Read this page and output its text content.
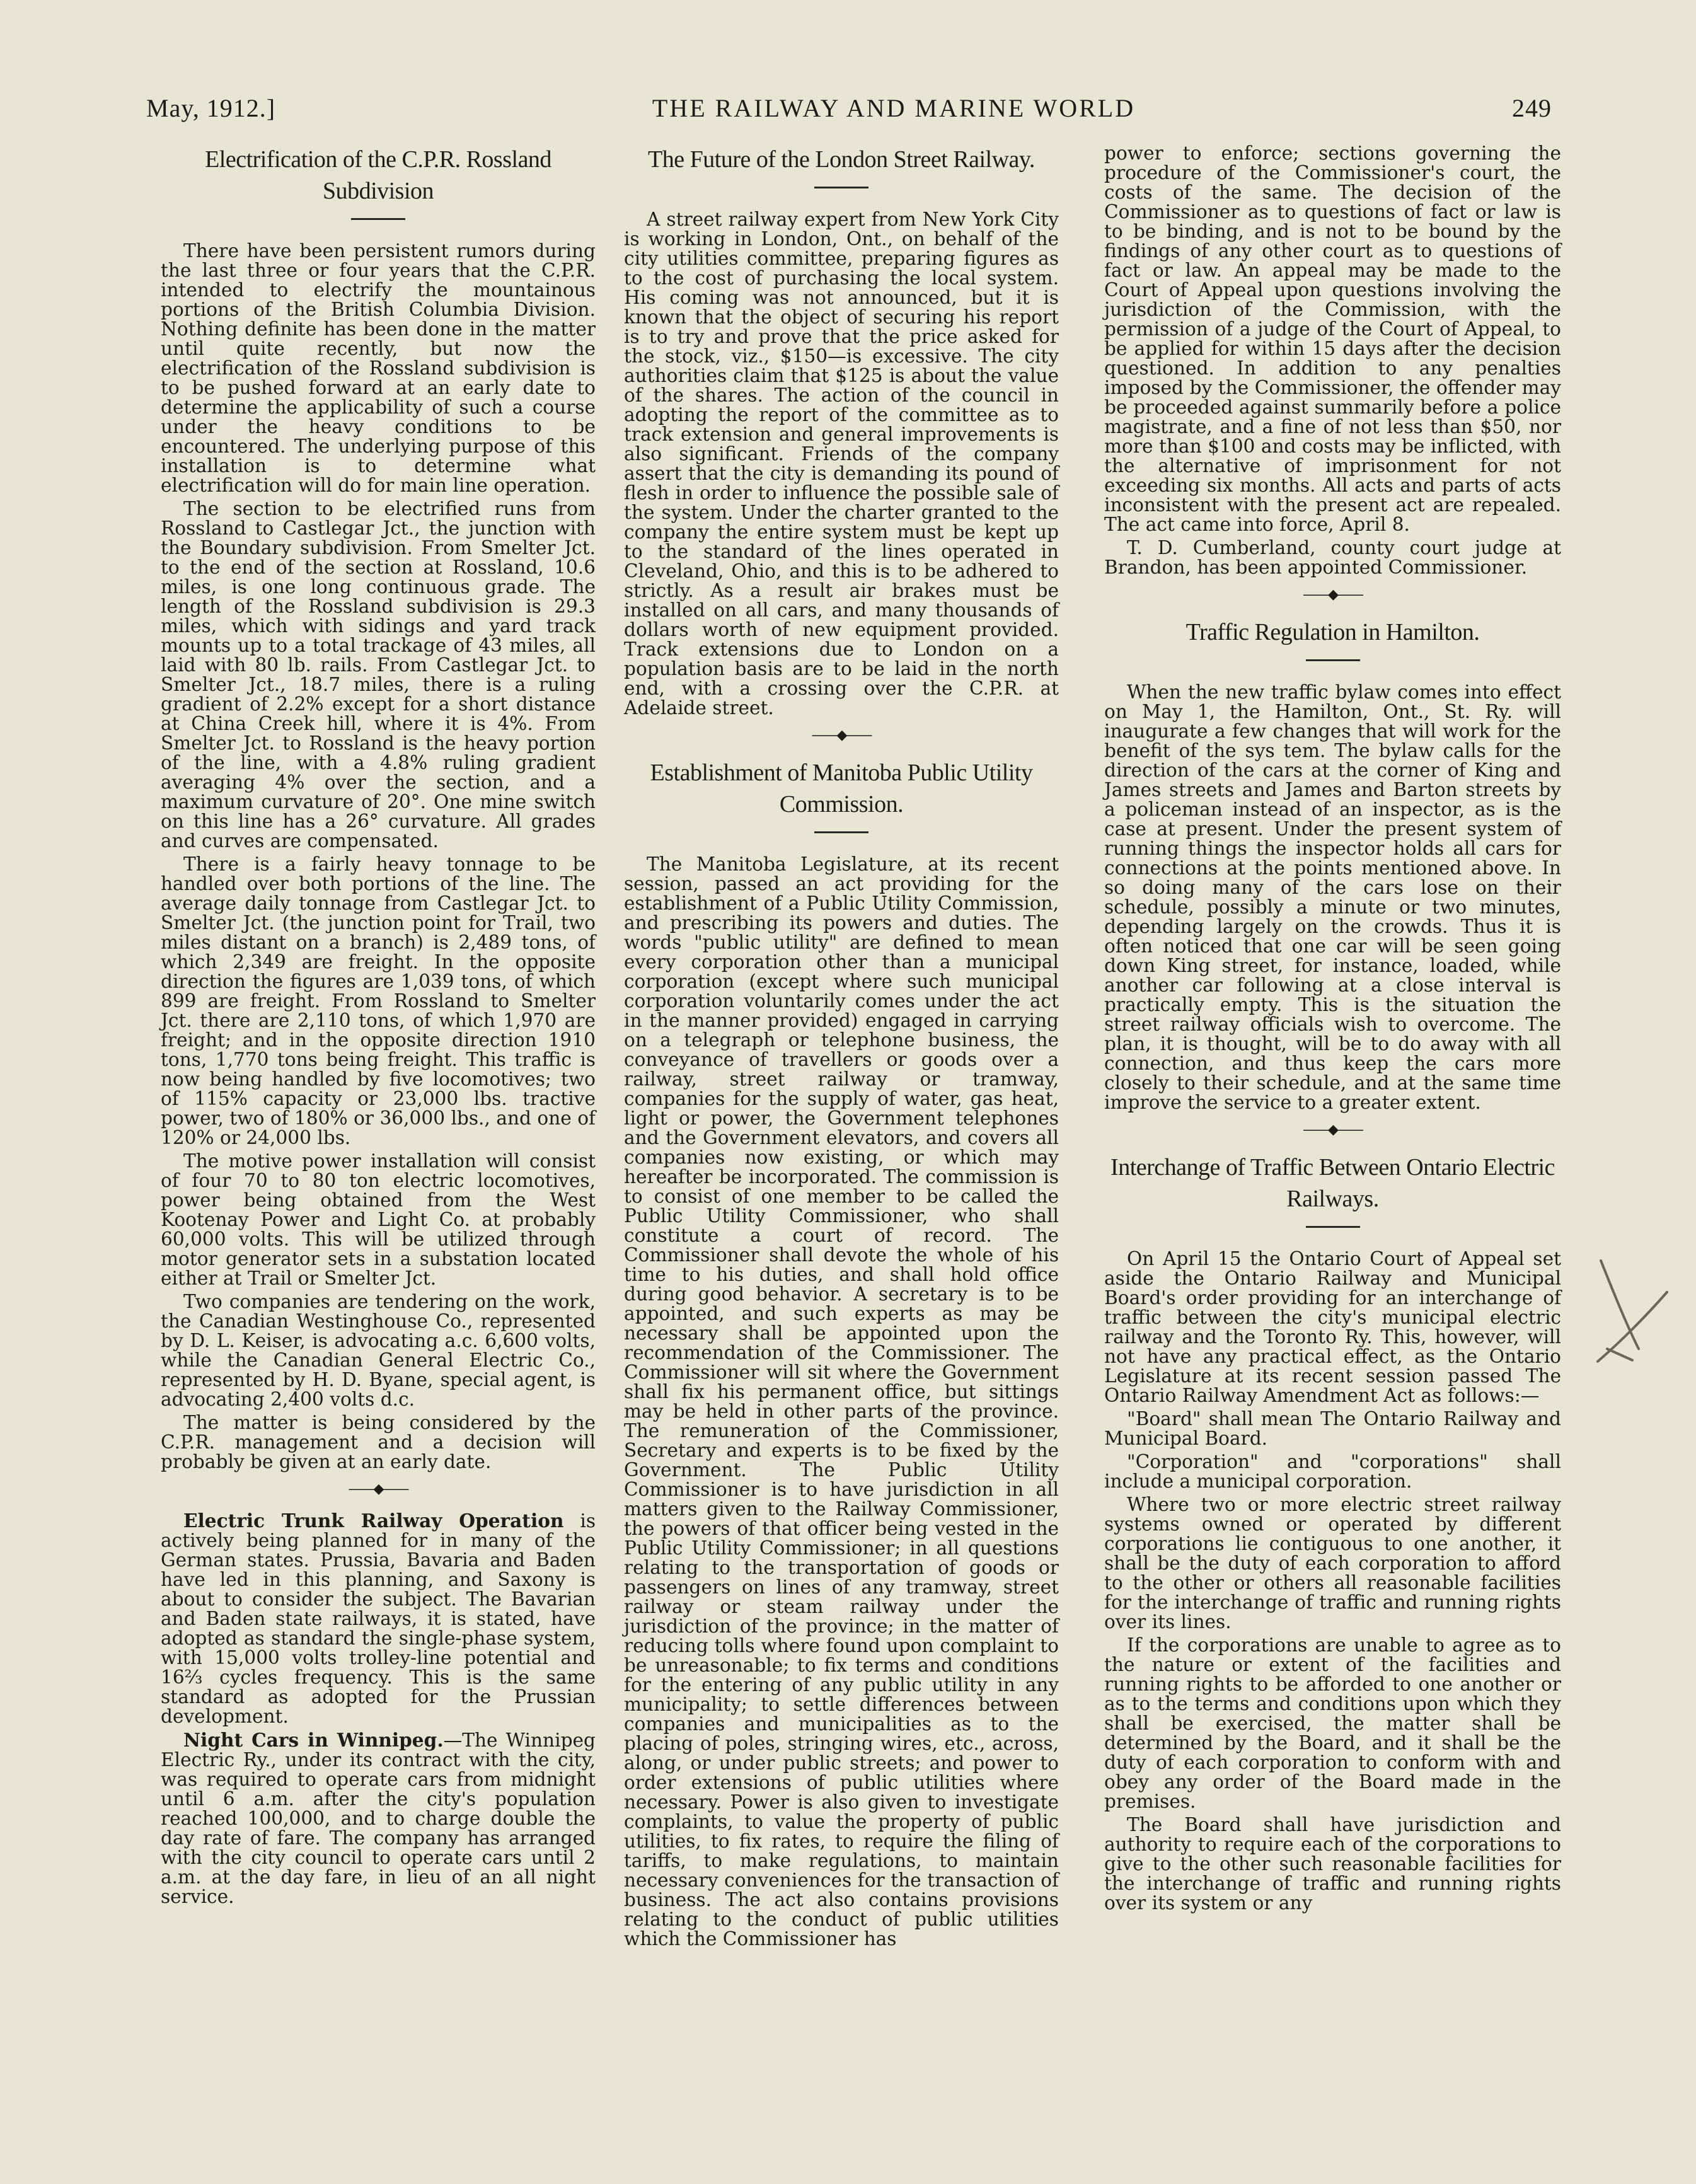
May, 1912.]	THE RAILWAY AND MARINE WORLD	249
Electrification of the C.P.R. Rossland Subdivision

There have been persistent rumors during the last three or four years that the C.P.R. intended to electrify the mountainous portions of the British Columbia Division. Nothing definite has been done in the matter until quite recently, but now the electrification of the Rossland subdivision is to be pushed forward at an early date to determine the applicability of such a course under the heavy conditions to be encountered. The underlying purpose of this installation is to determine what electrification will do for main line operation.

The section to be electrified runs from Rossland to Castlegar Jct., the junction with the Boundary subdivision. From Smelter Jct. to the end of the section at Rossland, 10.6 miles, is one long continuous grade. The length of the Rossland subdivision is 29.3 miles, which with sidings and yard track mounts up to a total trackage of 43 miles, all laid with 80 lb. rails. From Castlegar Jct. to Smelter Jct., 18.7 miles, there is a ruling gradient of 2.2% except for a short distance at China Creek hill, where it is 4%. From Smelter Jct. to Rossland is the heavy portion of the line, with a 4.8% ruling gradient averaging 4% over the section, and a maximum curvature of 20°. One mine switch on this line has a 26° curvature. All grades and curves are compensated.

There is a fairly heavy tonnage to be handled over both portions of the line. The average daily tonnage from Castlegar Jct. to Smelter Jct. (the junction point for Trail, two miles distant on a branch) is 2,489 tons, of which 2,349 are freight. In the opposite direction the figures are 1,039 tons, of which 899 are freight. From Rossland to Smelter Jct. there are 2,110 tons, of which 1,970 are freight; and in the opposite direction 1910 tons, 1,770 tons being freight. This traffic is now being handled by five locomotives; two of 115% capacity or 23,000 lbs. tractive power, two of 180% or 36,000 lbs., and one of 120% or 24,000 lbs.

The motive power installation will consist of four 70 to 80 ton electric locomotives, power being obtained from the West Kootenay Power and Light Co. at probably 60,000 volts. This will be utilized through motor generator sets in a substation located either at Trail or Smelter Jct.

Two companies are tendering on the work, the Canadian Westinghouse Co., represented by D. L. Keiser, is advocating a.c. 6,600 volts, while the Canadian General Electric Co., represented by H. D. Byane, special agent, is advocating 2,400 volts d.c.

The matter is being considered by the C.P.R. management and a decision will probably be given at an early date.

——◆——

Electric Trunk Railway Operation is actively being planned for in many of the German states. Prussia, Bavaria and Baden have led in this planning, and Saxony is about to consider the subject. The Bavarian and Baden state railways, it is stated, have adopted as standard the single-phase system, with 15,000 volts trolley-line potential and 16⅔ cycles frequency. This is the same standard as adopted for the Prussian development.

Night Cars in Winnipeg.—The Winnipeg Electric Ry., under its contract with the city, was required to operate cars from midnight until 6 a.m. after the city's population reached 100,000, and to charge double the day rate of fare. The company has arranged with the city council to operate cars until 2 a.m. at the day fare, in lieu of an all night service.

The Future of the London Street Railway.

A street railway expert from New York City is working in London, Ont., on behalf of the city utilities committee, preparing figures as to the cost of purchasing the local system. His coming was not announced, but it is known that the object of securing his report is to try and prove that the price asked for the stock, viz., $150—is excessive. The city authorities claim that $125 is about the value of the shares. The action of the council in adopting the report of the committee as to track extension and general improvements is also significant. Friends of the company assert that the city is demanding its pound of flesh in order to influence the possible sale of the system. Under the charter granted to the company the entire system must be kept up to the standard of the lines operated in Cleveland, Ohio, and this is to be adhered to strictly. As a result air brakes must be installed on all cars, and many thousands of dollars worth of new equipment provided. Track extensions due to London on a population basis are to be laid in the north end, with a crossing over the C.P.R. at Adelaide street.

——◆——
Establishment of Manitoba Public Utility Commission.

The Manitoba Legislature, at its recent session, passed an act providing for the establishment of a Public Utility Commission, and prescribing its powers and duties. The words "public utility" are defined to mean every corporation other than a municipal corporation (except where such municipal corporation voluntarily comes under the act in the manner provided) engaged in carrying on a telegraph or telephone business, the conveyance of travellers or goods over a railway, street railway or tramway, companies for the supply of water, gas heat, light or power, the Government telephones and the Government elevators, and covers all companies now existing, or which may hereafter be incorporated. The commission is to consist of one member to be called the Public Utility Commissioner, who shall constitute a court of record. The Commissioner shall devote the whole of his time to his duties, and shall hold office during good behavior. A secretary is to be appointed, and such experts as may be necessary shall be appointed upon the recommendation of the Commissioner. The Commissioner will sit where the Government shall fix his permanent office, but sittings may be held in other parts of the province. The remuneration of the Commissioner, Secretary and experts is to be fixed by the Government. The Public Utility Commissioner is to have jurisdiction in all matters given to the Railway Commissioner, the powers of that officer being vested in the Public Utility Commissioner; in all questions relating to the transportation of goods or passengers on lines of any tramway, street railway or steam railway under the jurisdiction of the province; in the matter of reducing tolls where found upon complaint to be unreasonable; to fix terms and conditions for the entering of any public utility in any municipality; to settle differences between companies and municipalities as to the placing of poles, stringing wires, etc., across, along, or under public streets; and power to order extensions of public utilities where necessary. Power is also given to investigate complaints, to value the property of public utilities, to fix rates, to require the filing of tariffs, to make regulations, to maintain necessary conveniences for the transaction of business. The act also contains provisions relating to the conduct of public utilities which the Commissioner has

power to enforce; sections governing the procedure of the Commissioner's court, the costs of the same. The decision of the Commissioner as to questions of fact or law is to be binding, and is not to be bound by the findings of any other court as to questions of fact or law. An appeal may be made to the Court of Appeal upon questions involving the jurisdiction of the Commission, with the permission of a judge of the Court of Appeal, to be applied for within 15 days after the decision questioned. In addition to any penalties imposed by the Commissioner, the offender may be proceeded against summarily before a police magistrate, and a fine of not less than $50, nor more than $100 and costs may be inflicted, with the alternative of imprisonment for not exceeding six months. All acts and parts of acts inconsistent with the present act are repealed. The act came into force, April 8.

T. D. Cumberland, county court judge at Brandon, has been appointed Commissioner.

——◆——
Traffic Regulation in Hamilton.

When the new traffic bylaw comes into effect on May 1, the Hamilton, Ont., St. Ry. will inaugurate a few changes that will work for the benefit of the sys tem. The bylaw calls for the direction of the cars at the corner of King and James streets and James and Barton streets by a policeman instead of an inspector, as is the case at present. Under the present system of running things the inspector holds all cars for connections at the points mentioned above. In so doing many of the cars lose on their schedule, possibly a minute or two minutes, depending largely on the crowds. Thus it is often noticed that one car will be seen going down King street, for instance, loaded, while another car following at a close interval is practically empty. This is the situation the street railway officials wish to overcome. The plan, it is thought, will be to do away with all connection, and thus keep the cars more closely to their schedule, and at the same time improve the service to a greater extent.

——◆——
Interchange of Traffic Between Ontario Electric Railways.

On April 15 the Ontario Court of Appeal set aside the Ontario Railway and Municipal Board's order providing for an interchange of traffic between the city's municipal electric railway and the Toronto Ry. This, however, will not have any practical effect, as the Ontario Legislature at its recent session passed The Ontario Railway Amendment Act as follows:—

"Board" shall mean The Ontario Railway and Municipal Board.

"Corporation" and "corporations" shall include a municipal corporation.

Where two or more electric street railway systems owned or operated by different corporations lie contiguous to one another, it shall be the duty of each corporation to afford to the other or others all reasonable facilities for the interchange of traffic and running rights over its lines.

If the corporations are unable to agree as to the nature or extent of the facilities and running rights to be afforded to one another or as to the terms and conditions upon which they shall be exercised, the matter shall be determined by the Board, and it shall be the duty of each corporation to conform with and obey any order of the Board made in the premises.

The Board shall have jurisdiction and authority to require each of the corporations to give to the other such reasonable facilities for the interchange of traffic and running rights over its system or any
